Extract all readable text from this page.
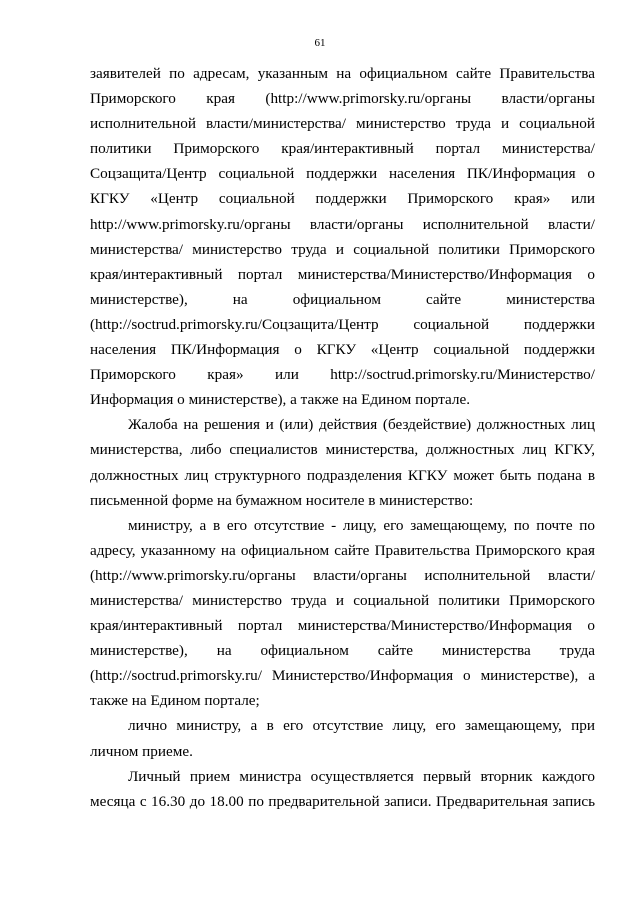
61
заявителей по адресам, указанным на официальном сайте Правительства
Приморского края (http://www.primorsky.ru/органы власти/органы
исполнительной власти/министерства/ министерство труда и социальной
политики Приморского края/интерактивный портал министерства/
Соцзащита/Центр социальной поддержки населения ПК/Информация о
КГКУ «Центр социальной поддержки Приморского края» или
http://www.primorsky.ru/органы власти/органы исполнительной власти/
министерства/ министерство труда и социальной политики Приморского
края/интерактивный портал министерства/Министерство/Информация о
министерстве), на официальном сайте министерства
(http://soctrud.primorsky.ru/Соцзащита/Центр социальной поддержки
населения ПК/Информация о КГКУ «Центр социальной поддержки
Приморского края» или http://soctrud.primorsky.ru/Министерство/
Информация о министерстве), а также на Едином портале.
Жалоба на решения и (или) действия (бездействие) должностных лиц
министерства, либо специалистов министерства, должностных лиц КГКУ,
должностных лиц структурного подразделения КГКУ может быть подана в
письменной форме на бумажном носителе в министерство:
министру, а в его отсутствие - лицу, его замещающему, по почте по
адресу, указанному на официальном сайте Правительства Приморского края
(http://www.primorsky.ru/органы власти/органы исполнительной власти/
министерства/ министерство труда и социальной политики Приморского
края/интерактивный портал министерства/Министерство/Информация о
министерстве), на официальном сайте министерства труда
(http://soctrud.primorsky.ru/ Министерство/Информация о министерстве), а
также на Едином портале;
лично министру, а в его отсутствие лицу, его замещающему, при
личном приеме.
Личный прием министра осуществляется первый вторник каждого
месяца с 16.30 до 18.00 по предварительной записи. Предварительная запись
